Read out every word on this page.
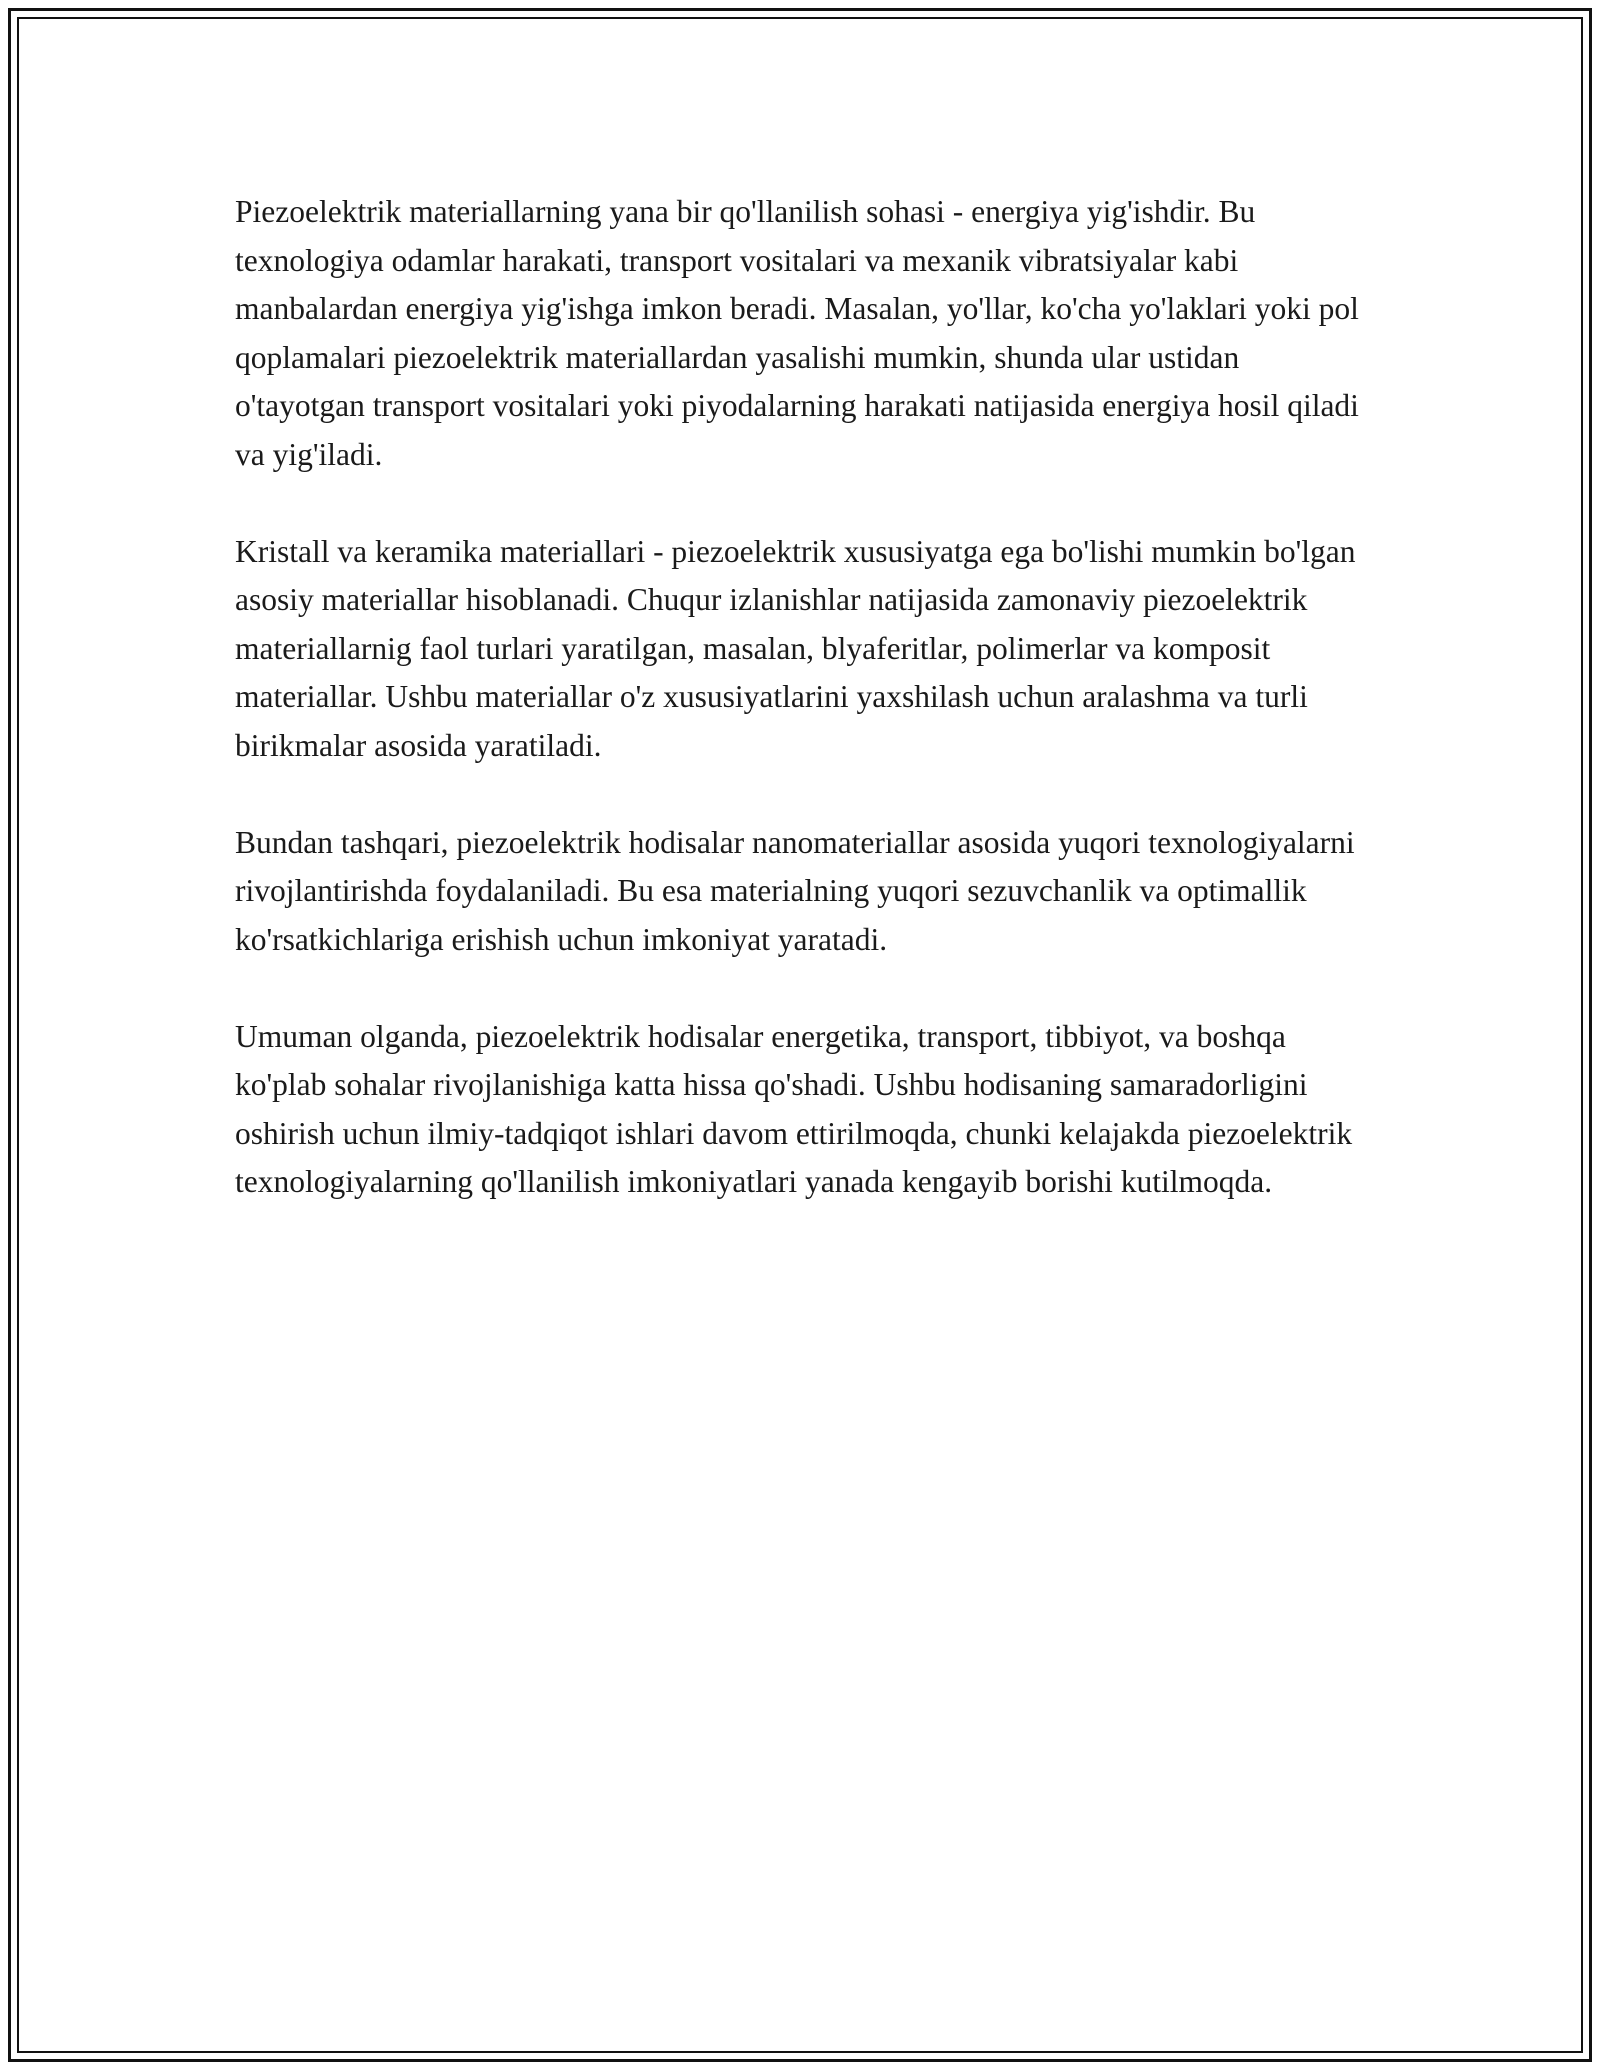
Piezoelektrik materiallarning yana bir qo'llanilish sohasi - energiya yig'ishdir. Bu texnologiya odamlar harakati, transport vositalari va mexanik vibratsiyalar kabi manbalardan energiya yig'ishga imkon beradi. Masalan, yo'llar, ko'cha yo'laklari yoki pol qoplamalari piezoelektrik materiallardan yasalishi mumkin, shunda ular ustidan o'tayotgan transport vositalari yoki piyodalarning harakati natijasida energiya hosil qiladi va yig'iladi.

Kristall va keramika materiallari - piezoelektrik xususiyatga ega bo'lishi mumkin bo'lgan asosiy materiallar hisoblanadi. Chuqur izlanishlar natijasida zamonaviy piezoelektrik materiallarnig faol turlari yaratilgan, masalan, blyaferitlar, polimerlar va komposit materiallar. Ushbu materiallar o'z xususiyatlarini yaxshilash uchun aralashma va turli birikmalar asosida yaratiladi.

Bundan tashqari, piezoelektrik hodisalar nanomateriallar asosida yuqori texnologiyalarni rivojlantirishda foydalaniladi. Bu esa materialning yuqori sezuvchanlik va optimallik ko'rsatkichlariga erishish uchun imkoniyat yaratadi.

Umuman olganda, piezoelektrik hodisalar energetika, transport, tibbiyot, va boshqa ko'plab sohalar rivojlanishiga katta hissa qo'shadi. Ushbu hodisaning samaradorligini oshirish uchun ilmiy-tadqiqot ishlari davom ettirilmoqda, chunki kelajakda piezoelektrik texnologiyalarning qo'llanilish imkoniyatlari yanada kengayib borishi kutilmoqda.
